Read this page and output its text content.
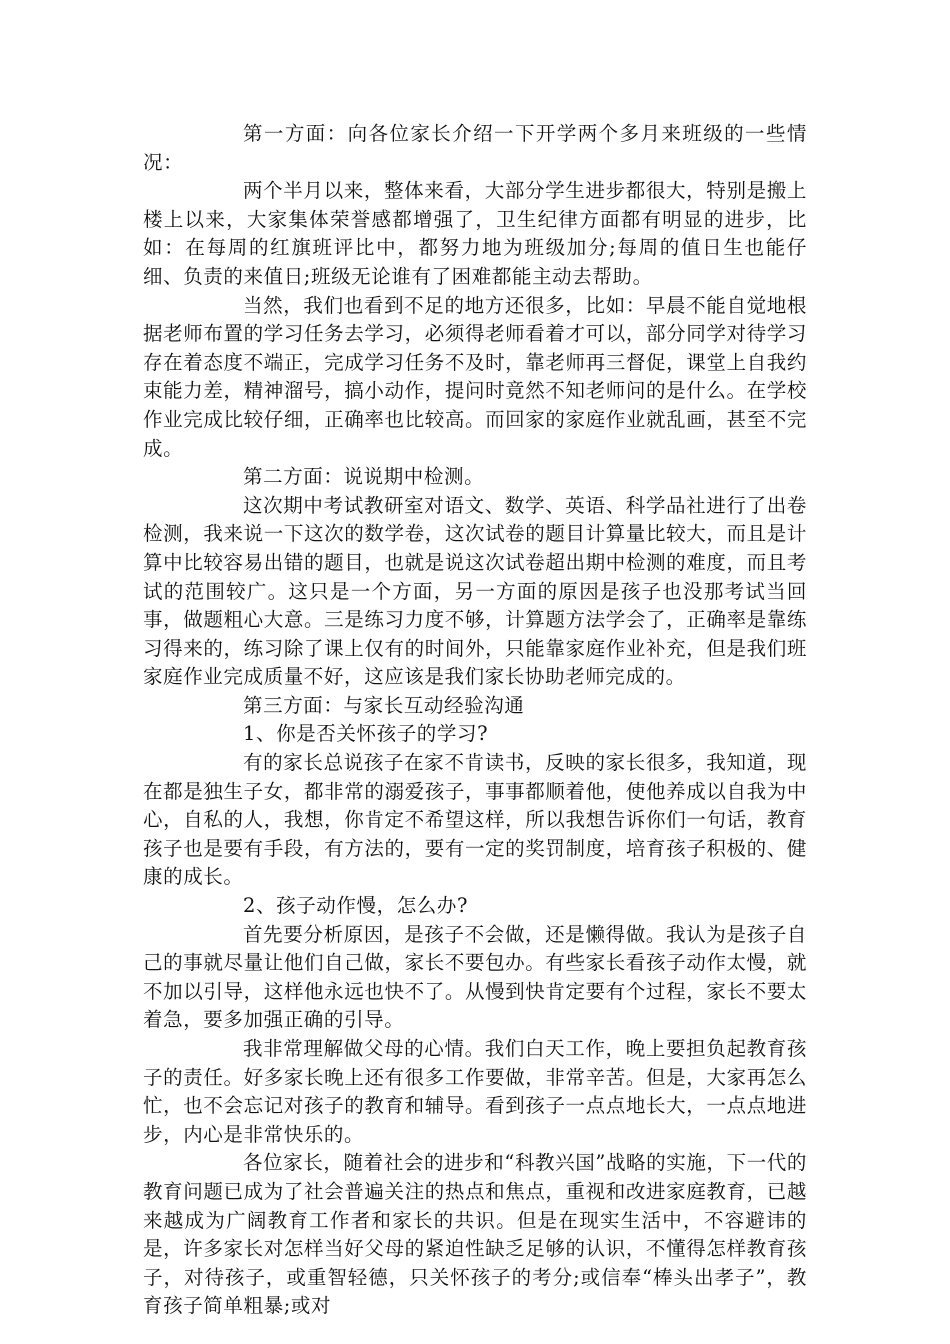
第一方面：向各位家长介绍一下开学两个多月来班级的一些情况：

两个半月以来，整体来看，大部分学生进步都很大，特别是搬上楼上以来，大家集体荣誉感都增强了，卫生纪律方面都有明显的进步，比如：在每周的红旗班评比中，都努力地为班级加分;每周的值日生也能仔细、负责的来值日;班级无论谁有了困难都能主动去帮助。

当然，我们也看到不足的地方还很多，比如：早晨不能自觉地根据老师布置的学习任务去学习，必须得老师看着才可以，部分同学对待学习存在着态度不端正，完成学习任务不及时，靠老师再三督促，课堂上自我约束能力差，精神溜号，搞小动作，提问时竟然不知老师问的是什么。在学校作业完成比较仔细，正确率也比较高。而回家的家庭作业就乱画，甚至不完成。

第二方面：说说期中检测。

这次期中考试教研室对语文、数学、英语、科学品社进行了出卷检测，我来说一下这次的数学卷，这次试卷的题目计算量比较大，而且是计算中比较容易出错的题目，也就是说这次试卷超出期中检测的难度，而且考试的范围较广。这只是一个方面，另一方面的原因是孩子也没那考试当回事，做题粗心大意。三是练习力度不够，计算题方法学会了，正确率是靠练习得来的，练习除了课上仅有的时间外，只能靠家庭作业补充，但是我们班家庭作业完成质量不好，这应该是我们家长协助老师完成的。

第三方面：与家长互动经验沟通

1、你是否关怀孩子的学习?

有的家长总说孩子在家不肯读书，反映的家长很多，我知道，现在都是独生子女，都非常的溺爱孩子，事事都顺着他，使他养成以自我为中心，自私的人，我想，你肯定不希望这样，所以我想告诉你们一句话，教育孩子也是要有手段，有方法的，要有一定的奖罚制度，培育孩子积极的、健康的成长。

2、孩子动作慢，怎么办?

首先要分析原因，是孩子不会做，还是懒得做。我认为是孩子自己的事就尽量让他们自己做，家长不要包办。有些家长看孩子动作太慢，就不加以引导，这样他永远也快不了。从慢到快肯定要有个过程，家长不要太着急，要多加强正确的引导。

我非常理解做父母的心情。我们白天工作，晚上要担负起教育孩子的责任。好多家长晚上还有很多工作要做，非常辛苦。但是，大家再怎么忙，也不会忘记对孩子的教育和辅导。看到孩子一点点地长大，一点点地进步，内心是非常快乐的。

各位家长，随着社会的进步和“科教兴国”战略的实施，下一代的教育问题已成为了社会普遍关注的热点和焦点，重视和改进家庭教育，已越来越成为广阔教育工作者和家长的共识。但是在现实生活中，不容避讳的是，许多家长对怎样当好父母的紧迫性缺乏足够的认识，不懂得怎样教育孩子，对待孩子，或重智轻德，只关怀孩子的考分;或信奉“棒头出孝子”，教育孩子简单粗暴;或对
